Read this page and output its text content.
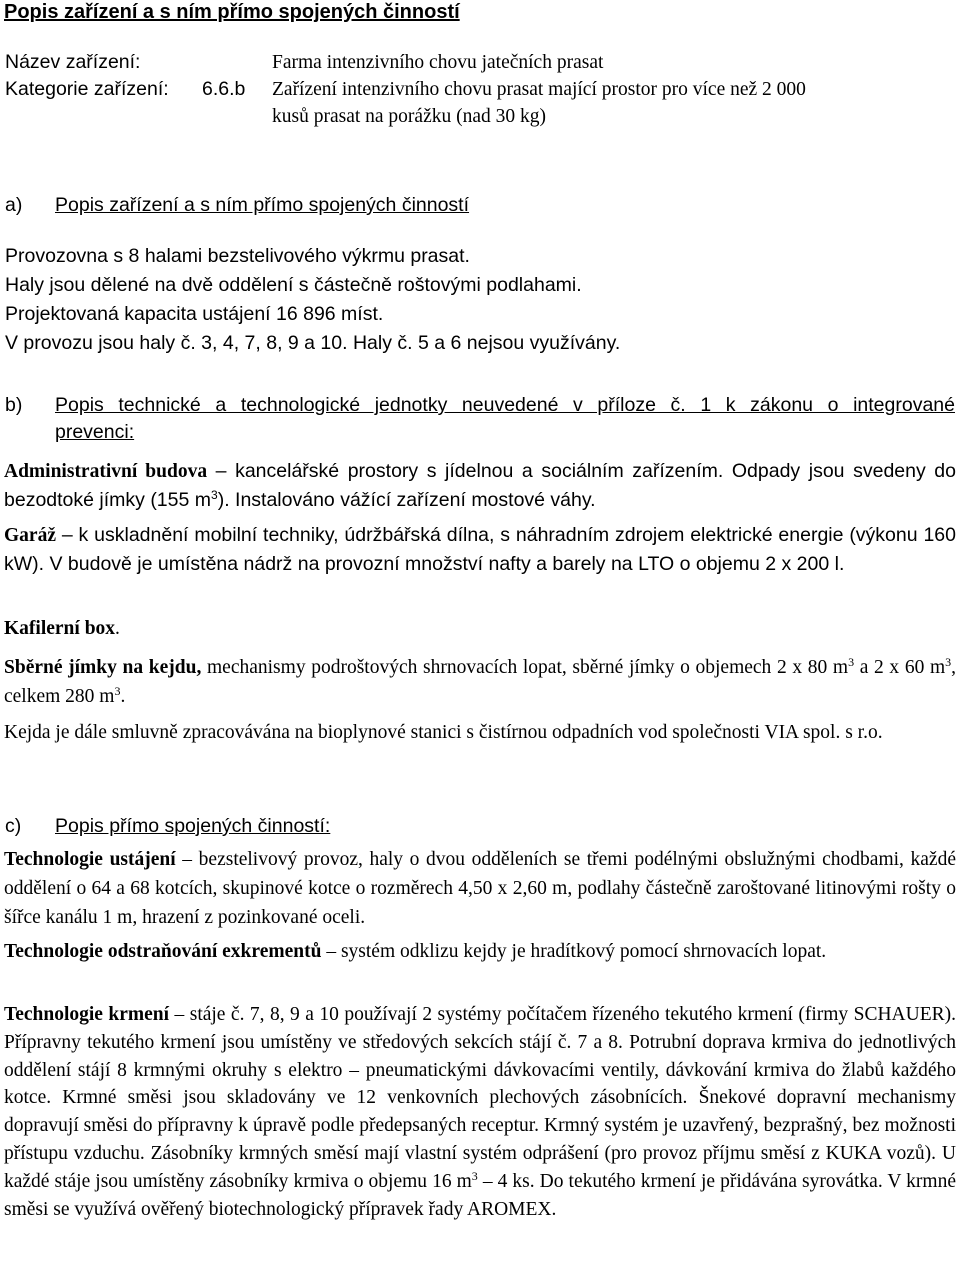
Popis zařízení a s ním přímo spojených činností
Název zařízení:	Farma intenzivního chovu jatečních prasat
Kategorie zařízení: 6.6.b Zařízení intenzivního chovu prasat mající prostor pro více než 2 000
kusů prasat na porážku (nad 30 kg)
a) Popis zařízení a s ním přímo spojených činností
Provozovna s 8 halami bezstelivového výkrmu prasat.
Haly jsou dělené na dvě oddělení s částečně roštovými podlahami.
Projektovaná kapacita ustájení 16 896 míst.
V provozu jsou haly č. 3, 4, 7, 8, 9 a 10. Haly č. 5 a 6 nejsou využívány.
b) Popis technické a technologické jednotky neuvedené v příloze č. 1 k zákonu o integrované
prevenci:
Administrativní budova – kancelářské prostory s jídelnou a sociálním zařízením. Odpady jsou svedeny do bezodtoké jímky (155 $m^3$). Instalováno vážící zařízení mostové váhy.
Garáž – k uskladnění mobilní techniky, údržbářská dílna, s náhradním zdrojem elektrické energie (výkonu 160 kW). V budově je umístěna nádrž na provozní množství nafty a barely na LTO o objemu 2 x 200 l.
Kafilerní box.
Sběrné jímky na kejdu, mechanismy podroštových shrnovacích lopat, sběrné jímky o objemech 2 x 80 $m^3$ a 2 x 60 $m^3$, celkem 280 $m^3$.
Kejda je dále smluvně zpracovávána na bioplynové stanici s čistírnou odpadních vod společnosti VIA spol. s r.o.
c) Popis přímo spojených činností:
Technologie ustájení – bezstelivový provoz, haly o dvou odděleních se třemi podélnými obslužnými chodbami, každé oddělení o 64 a 68 kotcích, skupinové kotce o rozměrech 4,50 x 2,60 m, podlahy částečně zaroštované litinovými rošty o šířce kanálu 1 m, hrazení z pozinkované oceli.
Technologie odstraňování exkrementů – systém odklizu kejdy je hradítkový pomocí shrnovacích lopat.
Technologie krmení – stáje č. 7, 8, 9 a 10 používají 2 systémy počítačem řízeného tekutého krmení (firmy SCHAUER). Přípravny tekutého krmení jsou umístěny ve středových sekcích stájí č. 7 a 8. Potrubní doprava krmiva do jednotlivých oddělení stájí 8 krmnými okruhy s elektro – pneumatickými dávkovacími ventily, dávkování krmiva do žlabů každého kotce. Krmné směsi jsou skladovány ve 12 venkovních plechových zásobnících. Šnekové dopravní mechanismy dopravují směsi do přípravny k úpravě podle předepsaných receptur. Krmný systém je uzavřený, bezprašný, bez možnosti přístupu vzduchu. Zásobníky krmných směsí mají vlastní systém odprášení (pro provoz příjmu směsí z KUKA vozů). U každé stáje jsou umístěny zásobníky krmiva o objemu 16 $m^3 - 4$ ks. Do tekutého krmení je přidávána syrovátka. V krmné směsi se využívá ověřený biotechnologický přípravek řady AROMEX.
